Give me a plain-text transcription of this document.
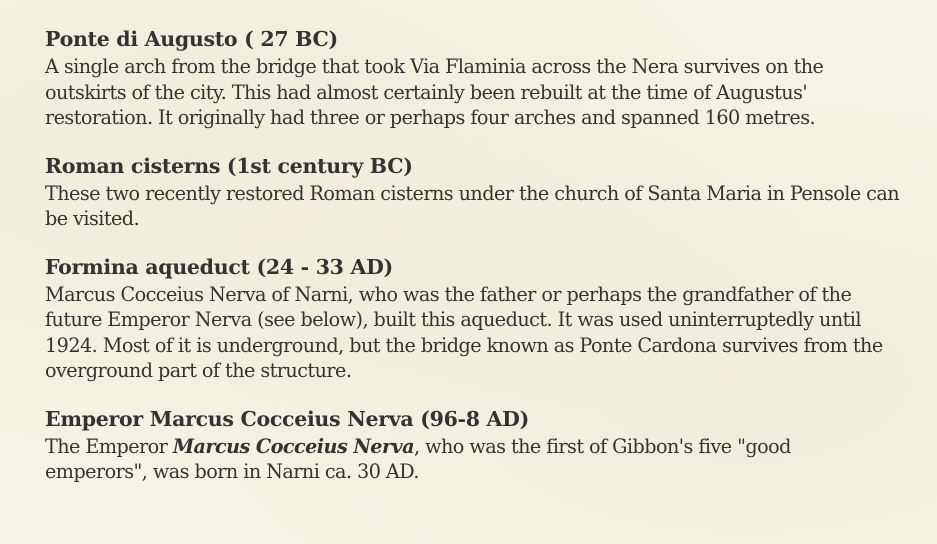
Ponte di Augusto ( 27 BC)

A single arch from the bridge that took Via Flaminia across the Nera survives on the
outskirts of the city. This had almost certainly been rebuilt at the time of Augustus'
restoration. It originally had three or perhaps four arches and spanned 160 metres.

Roman cisterns (1st century BC)

These two recently restored Roman cisterns under the church of Santa Maria in Pensole can
be visited.

Formina aqueduct (24 - 33 AD)

Marcus Cocceius Nerva of Narni, who was the father or perhaps the grandfather of the
future Emperor Nerva (see below), built this aqueduct. It was used uninterruptedly until
1924. Most of it is underground, but the bridge known as Ponte Cardona survives from the
overground part of the structure.

Emperor Marcus Cocceius Nerva (96-8 AD)

The Emperor Marcus Cocceius Nerva, who was the first of Gibbon's five "good
emperors", was born in Narni ca. 30 AD.
